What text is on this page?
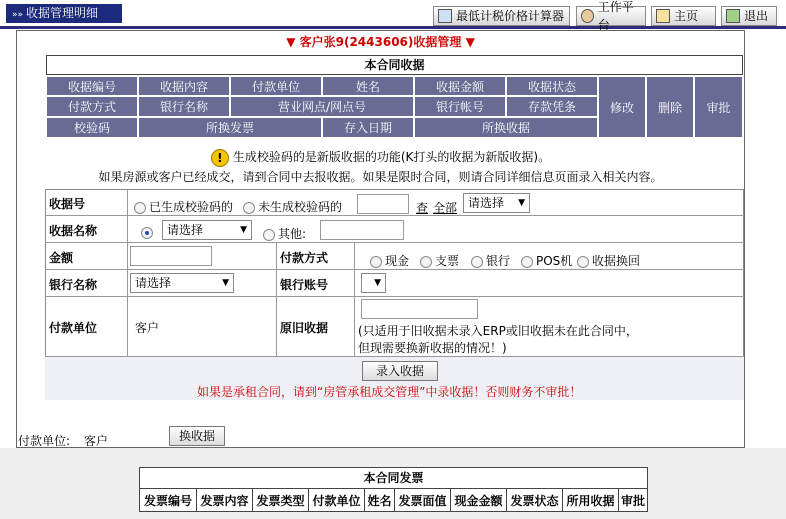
»» 收据管理明细	最低计税价格计算器
工作平台
主页	退出
▼ 客户张9(2443606)收据管理 ▼
本合同收据
收据编号	收据内容	付款单位	姓名	收据金额	收据状态
付款方式	银行名称	营业网点/网点号	银行帐号	存款凭条
校验码	所换发票	存入日期	所换收据
修改	删除	审批
! 生成校验码的是新版收据的功能(K打头的收据为新版收据)。
如果房源或客户已经成交，请到合同中去报收据。如果是限时合同，则请合同详细信息页面录入相关内容。
收据号	已生成校验码的	未生成校验码的	查 全部 请选择 ▼
收据名称	请选择	▼	其他:
金额	付款方式	现金	支票	银行	POS机	收据换回
银行名称	请选择	▼	银行账号	▼
付款单位	客户	原旧收据 (只适用于旧收据未录入ERP或旧收据未在此合同中，
但现需要换新收据的情况！)
录入收据
如果是承租合同，请到“房管承租成交管理”中录收据！否则财务不审批！
付款单位: 客户	换收据
本合同发票
发票编号 发票内容 发票类型 付款单位 姓名 发票面值 现金金额 发票状态 所用收据 审批
